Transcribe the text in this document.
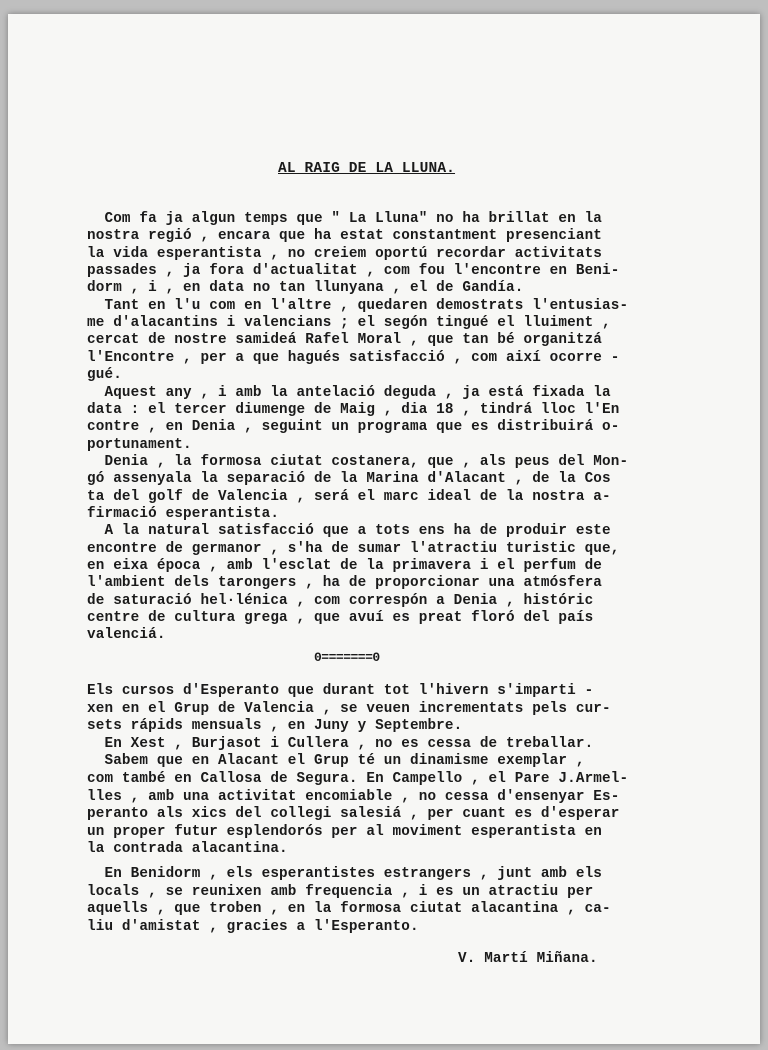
AL RAIG DE LA LLUNA.
Com fa ja algun temps que " La Lluna" no ha brillat en la
nostra regió , encara que ha estat constantment presenciant
la vida esperantista , no creiem oportú recordar activitats
passades , ja fora d'actualitat , com fou l'encontre en Beni-
dorm , i , en data no tan llunyana , el de Gandía.
Tant en l'u com en l'altre , quedaren demostrats l'entusias-
me d'alacantins i valencians ; el segón tingué el lluiment ,
cercat de nostre samideá Rafel Moral , que tan bé organitzá
l'Encontre , per a que hagués satisfacció , com així ocorre -
gué.
Aquest any , i amb la antelació deguda , ja está fixada la
data : el tercer diumenge de Maig , dia 18 , tindrá lloc l'En
contre , en Denia , seguint un programa que es distribuirá o-
portunament.
Denia , la formosa ciutat costanera, que , als peus del Mon-
gó assenyala la separació de la Marina d'Alacant , de la Cos
ta del golf de Valencia , será el marc ideal de la nostra a-
firmació esperantista.
A la natural satisfacció que a tots ens ha de produir este
encontre de germanor , s'ha de sumar l'atractiu turistic que,
en eixa época , amb l'esclat de la primavera i el perfum de
l'ambient dels tarongers , ha de proporcionar una atmósfera
de saturació hel·lénica , com correspón a Denia , históric
centre de cultura grega , que avuí es preat floró del país
valenciá.
0=======0
Els cursos d'Esperanto que durant tot l'hivern s'imparti -
xen en el Grup de Valencia , se veuen incrementats pels cur-
sets rápids mensuals , en Juny y Septembre.
En Xest , Burjasot i Cullera , no es cessa de treballar.
Sabem que en Alacant el Grup té un dinamisme exemplar ,
com també en Callosa de Segura. En Campello , el Pare J.Armel-
lles , amb una activitat encomiable , no cessa d'ensenyar Es-
peranto als xics del collegi salesiá , per cuant es d'esperar
un proper futur esplendorós per al moviment esperantista en
la contrada alacantina.
En Benidorm , els esperantistes estrangers , junt amb els
locals , se reunixen amb frequencia , i es un atractiu per
aquells , que troben , en la formosa ciutat alacantina , ca-
liu d'amistat , gracies a l'Esperanto.
V. Martí Miñana.
